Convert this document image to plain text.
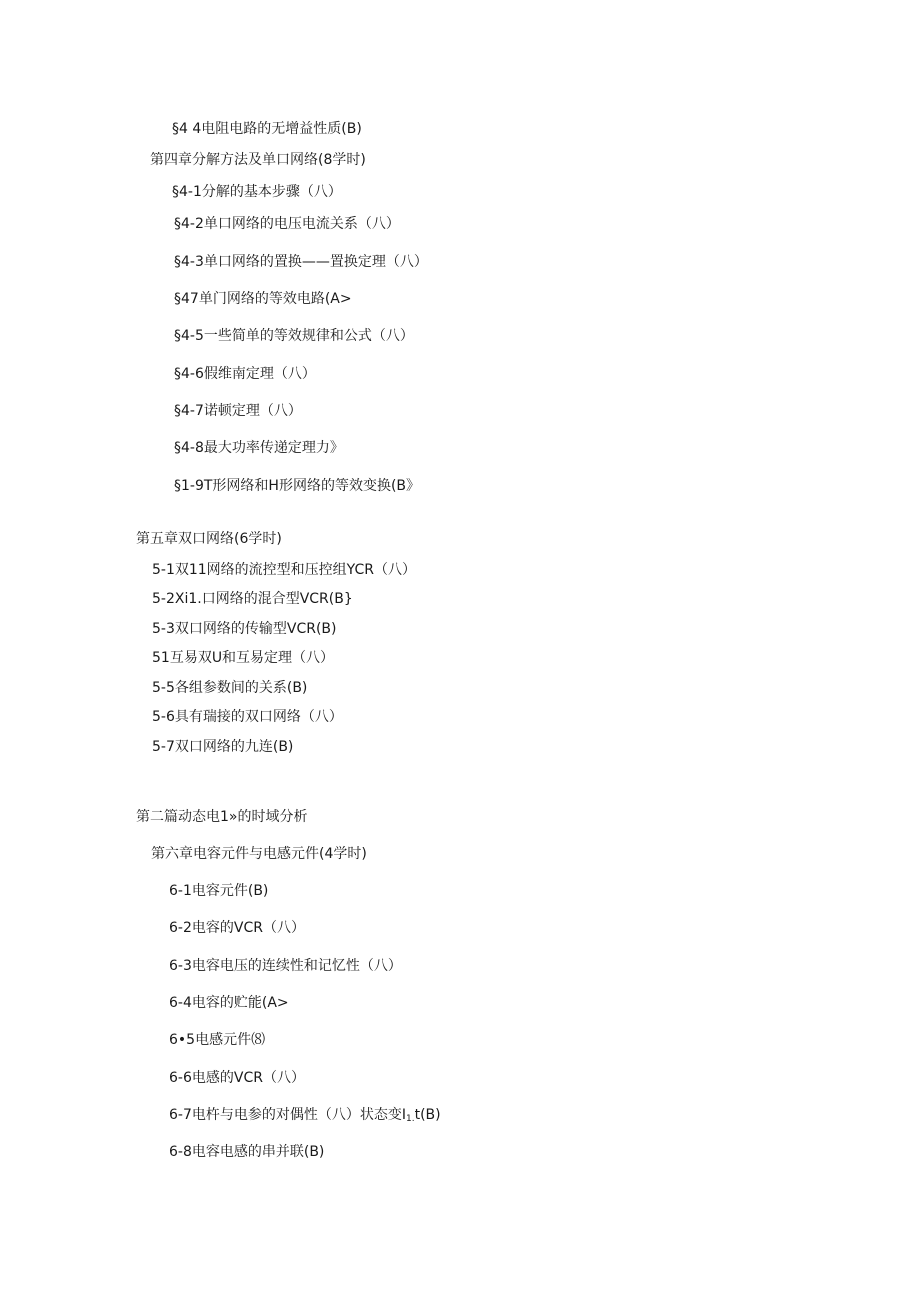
§4 4电阻电路的无增益性质(B)
第四章分解方法及单口网络(8学时)
§4-1分解的基本步骤（八）
§4-2单口网络的电压电流关系（八）
§4-3单口网络的置换——置换定理（八）
§47单门网络的等效电路(A>
§4-5一些简单的等效规律和公式（八）
§4-6假维南定理（八）
§4-7诺顿定理（八）
§4-8最大功率传递定理力》
§1-9T形网络和H形网络的等效变换(B》
第五章双口网络(6学时)
5-1双11网络的流控型和压控组YCR（八）
5-2Xi1.口网络的混合型VCR(B}
5-3双口网络的传输型VCR(B)
51互易双U和互易定理（八）
5-5各组参数间的关系(B)
5-6具有瑞接的双口网络（八）
5-7双口网络的九连(B)
第二篇动态电1»的时域分析
第六章电容元件与电感元件(4学时)
6-1电容元件(B)
6-2电容的VCR（八）
6-3电容电压的连续性和记忆性（八）
6-4电容的贮能(A>
6•5电感元件⑻
6-6电感的VCR（八）
6-7电杵与电参的对偶性（八）状态变$I_{1.}t(B)$
6-8电容电感的串并联(B)
